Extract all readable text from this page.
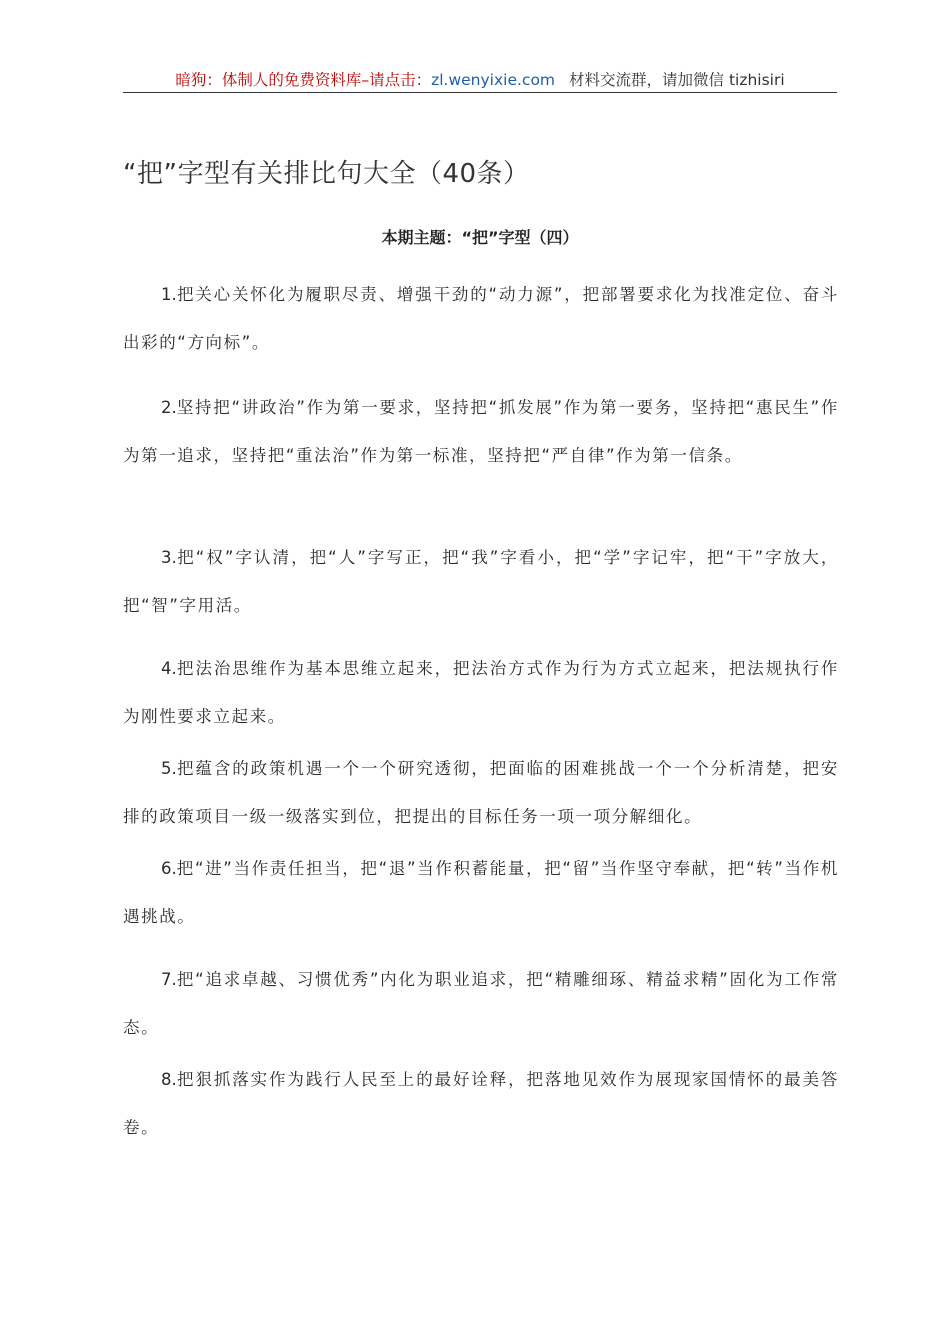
暗狗：体制人的免费资料库–请点击：zl.wenyixie.com 材料交流群，请加微信 tizhisiri
“把”字型有关排比句大全（40条）
本期主题：“把”字型（四）

1.把关心关怀化为履职尽责、增强干劲的“动力源”，把部署要求化为找准定位、奋斗出彩的“方向标”。

2.坚持把“讲政治”作为第一要求，坚持把“抓发展”作为第一要务，坚持把“惠民生”作为第一追求，坚持把“重法治”作为第一标准，坚持把“严自律”作为第一信条。

3.把“权”字认清，把“人”字写正，把“我”字看小，把“学”字记牢，把“干”字放大，把“智”字用活。

4.把法治思维作为基本思维立起来，把法治方式作为行为方式立起来，把法规执行作为刚性要求立起来。

5.把蕴含的政策机遇一个一个研究透彻，把面临的困难挑战一个一个分析清楚，把安排的政策项目一级一级落实到位，把提出的目标任务一项一项分解细化。

6.把“进”当作责任担当，把“退”当作积蓄能量，把“留”当作坚守奉献，把“转”当作机遇挑战。

7.把“追求卓越、习惯优秀”内化为职业追求，把“精雕细琢、精益求精”固化为工作常态。

8.把狠抓落实作为践行人民至上的最好诠释，把落地见效作为展现家国情怀的最美答卷。
